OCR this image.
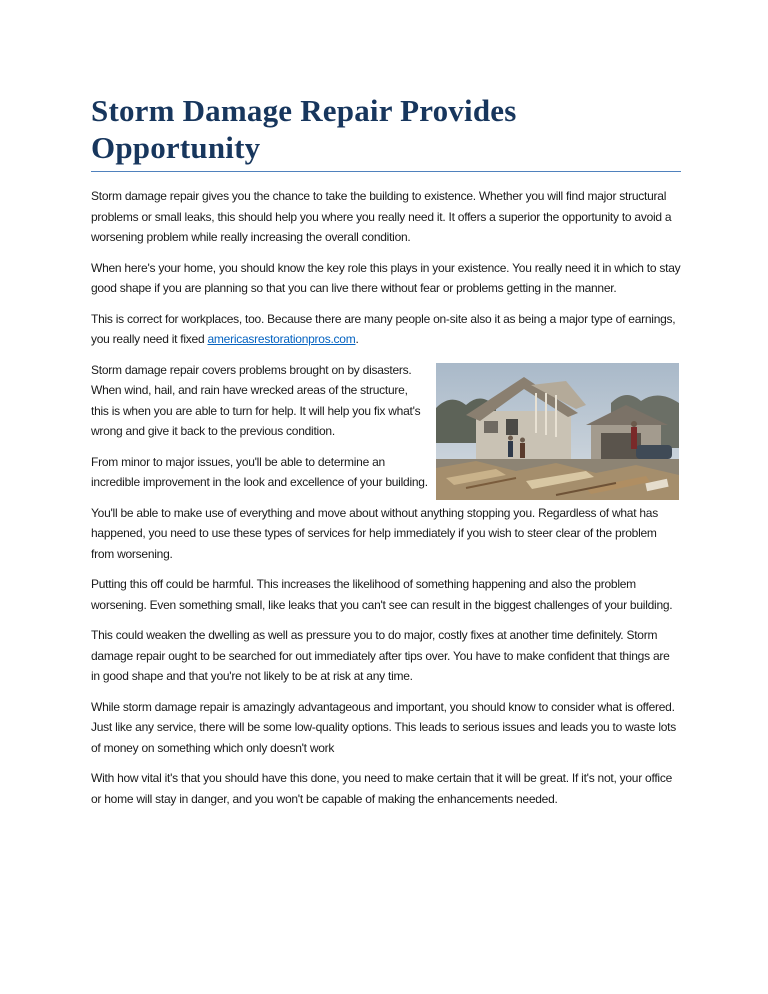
Storm Damage Repair Provides Opportunity

Storm damage repair gives you the chance to take the building to existence. Whether you will find major structural problems or small leaks, this should help you where you really need it. It offers a superior the opportunity to avoid a worsening problem while really increasing the overall condition.

When here's your home, you should know the key role this plays in your existence. You really need it in which to stay good shape if you are planning so that you can live there without fear or problems getting in the manner.

This is correct for workplaces, too. Because there are many people on-site also it as being a major type of earnings, you really need it fixed americasrestorationpros.com.

Storm damage repair covers problems brought on by disasters. When wind, hail, and rain have wrecked areas of the structure, this is when you are able to turn for help. It will help you fix what's wrong and give it back to the previous condition.

From minor to major issues, you'll be able to determine an incredible improvement in the look and excellence of your building.

You'll be able to make use of everything and move about without anything stopping you. Regardless of what has happened, you need to use these types of services for help immediately if you wish to steer clear of the problem from worsening.

Putting this off could be harmful. This increases the likelihood of something happening and also the problem worsening. Even something small, like leaks that you can't see can result in the biggest challenges of your building.

This could weaken the dwelling as well as pressure you to do major, costly fixes at another time definitely. Storm damage repair ought to be searched for out immediately after tips over. You have to make confident that things are in good shape and that you're not likely to be at risk at any time.

While storm damage repair is amazingly advantageous and important, you should know to consider what is offered. Just like any service, there will be some low-quality options. This leads to serious issues and leads you to waste lots of money on something which only doesn't work

With how vital it's that you should have this done, you need to make certain that it will be great. If it's not, your office or home will stay in danger, and you won't be capable of making the enhancements needed.
